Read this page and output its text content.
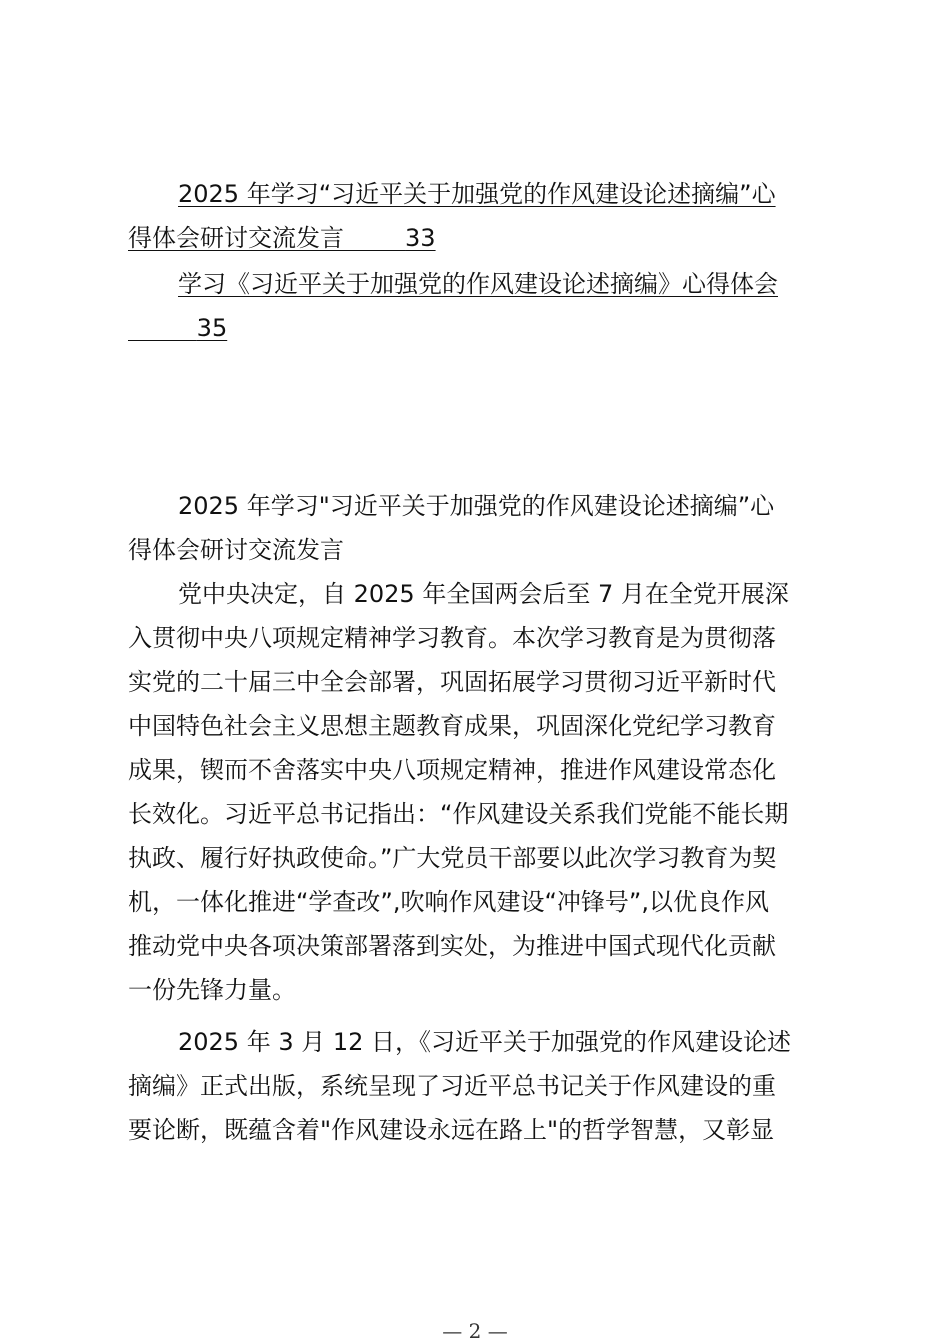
2025 年学习“习近平关于加强党的作风建设论述摘编”心
得体会研讨交流发言	33
学习《习近平关于加强党的作风建设论述摘编》心得体会
35
2025 年学习"习近平关于加强党的作风建设论述摘编”心
得体会研讨交流发言
党中央决定，自 2025 年全国两会后至 7 月在全党开展深
入贯彻中央八项规定精神学习教育。本次学习教育是为贯彻落
实党的二十届三中全会部署，巩固拓展学习贯彻习近平新时代
中国特色社会主义思想主题教育成果，巩固深化党纪学习教育
成果，锲而不舍落实中央八项规定精神，推进作风建设常态化
长效化。习近平总书记指出：“作风建设关系我们党能不能长期
执政、履行好执政使命。”广大党员干部要以此次学习教育为契
机，一体化推进“学查改”,吹响作风建设“冲锋号”,以优良作风
推动党中央各项决策部署落到实处，为推进中国式现代化贡献
一份先锋力量。
2025 年 3 月 12 日，《习近平关于加强党的作风建设论述
摘编》正式出版，系统呈现了习近平总书记关于作风建设的重
要论断，既蕴含着"作风建设永远在路上"的哲学智慧，又彰显
— 2 —
